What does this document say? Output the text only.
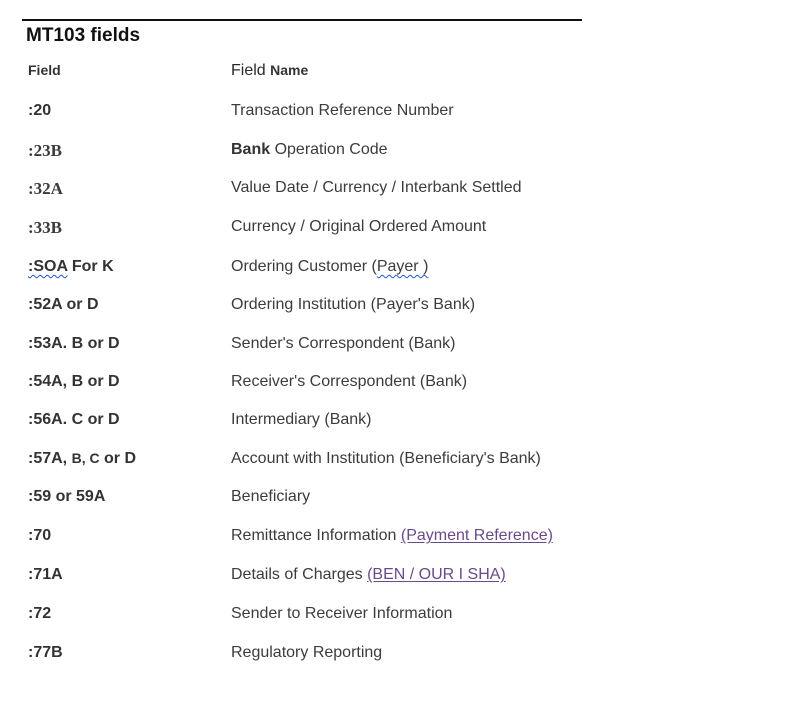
MT103 fields
Field	Field Name
:20	Transaction Reference Number
:23B	Bank Operation Code
:32A	Value Date / Currency / Interbank Settled
:33B	Currency / Original Ordered Amount
:SOA For K	Ordering Customer (Payer )
:52A or D	Ordering Institution (Payer's Bank)
:53A. B or D	Sender's Correspondent (Bank)
:54A, B or D	Receiver's Correspondent (Bank)
:56A. C or D	Intermediary (Bank)
:57A, B, C or D	Account with Institution (Beneficiary's Bank)
:59 or 59A	Beneficiary
:70	Remittance Information (Payment Reference)
:71A	Details of Charges (BEN / OUR I SHA)
:72	Sender to Receiver Information
:77B	Regulatory Reporting
